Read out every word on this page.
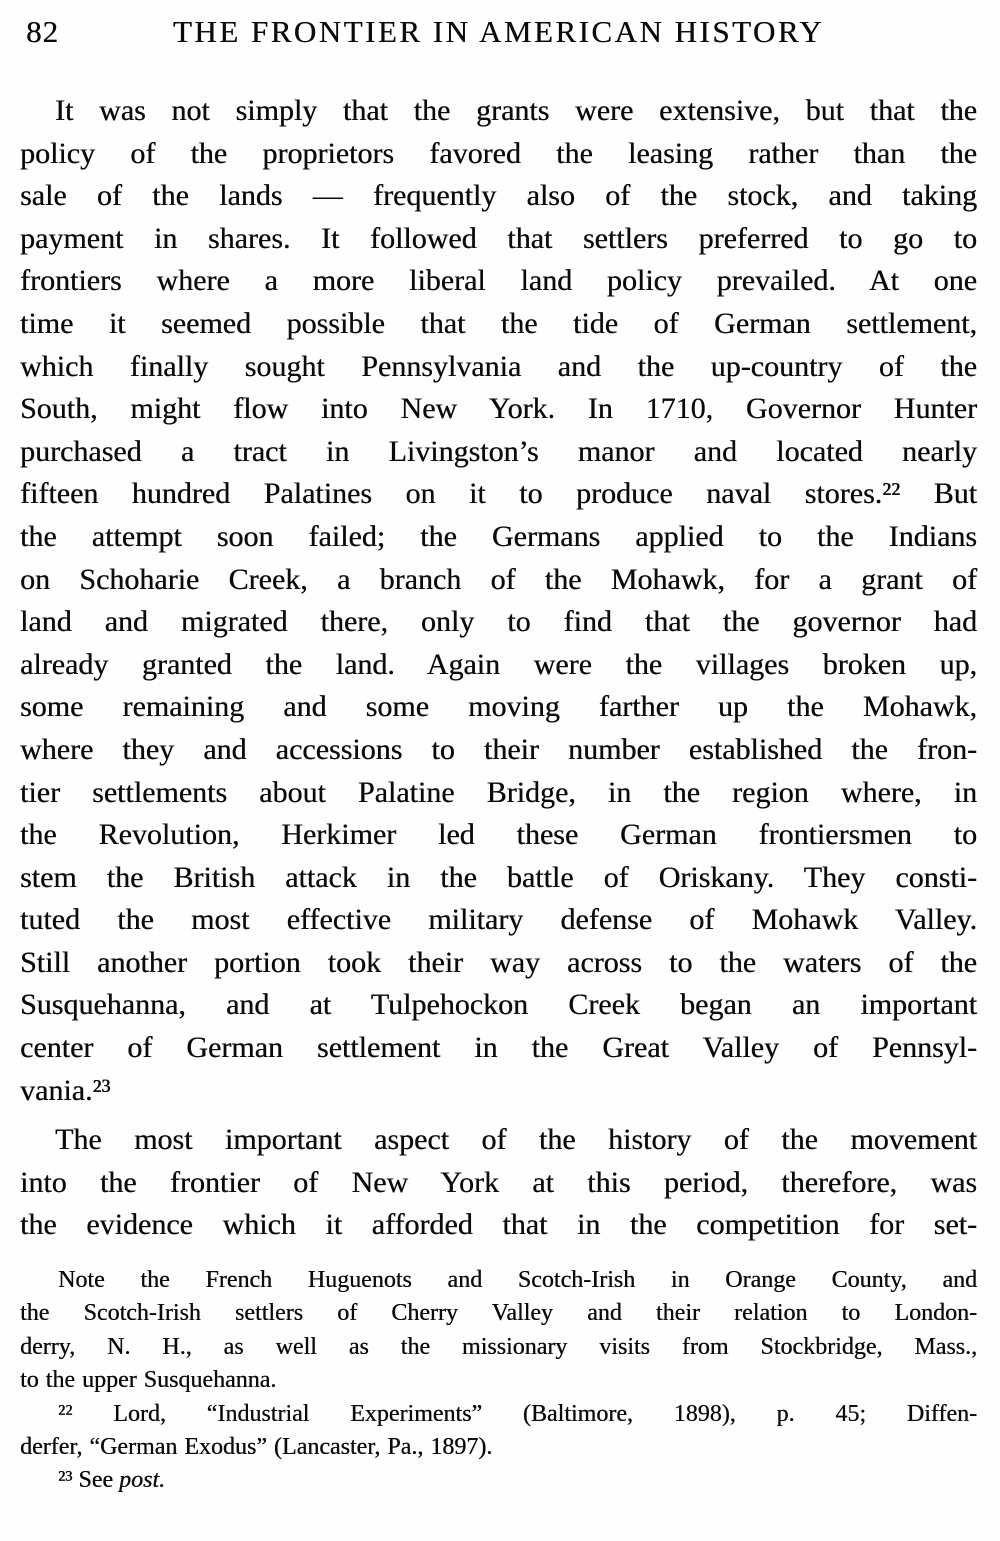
82	THE FRONTIER IN AMERICAN HISTORY
It was not simply that the grants were extensive, but that the
policy of the proprietors favored the leasing rather than the
sale of the lands — frequently also of the stock, and taking
payment in shares. It followed that settlers preferred to go to
frontiers where a more liberal land policy prevailed. At one
time it seemed possible that the tide of German settlement,
which finally sought Pennsylvania and the up-country of the
South, might flow into New York. In 1710, Governor Hunter
purchased a tract in Livingston’s manor and located nearly
fifteen hundred Palatines on it to produce naval stores.²² But
the attempt soon failed; the Germans applied to the Indians
on Schoharie Creek, a branch of the Mohawk, for a grant of
land and migrated there, only to find that the governor had
already granted the land. Again were the villages broken up,
some remaining and some moving farther up the Mohawk,
where they and accessions to their number established the fron-
tier settlements about Palatine Bridge, in the region where, in
the Revolution, Herkimer led these German frontiersmen to
stem the British attack in the battle of Oriskany. They consti-
tuted the most effective military defense of Mohawk Valley.
Still another portion took their way across to the waters of the
Susquehanna, and at Tulpehockon Creek began an important
center of German settlement in the Great Valley of Pennsyl-
vania.²³
The most important aspect of the history of the movement
into the frontier of New York at this period, therefore, was
the evidence which it afforded that in the competition for set-
Note the French Huguenots and Scotch-Irish in Orange County, and
the Scotch-Irish settlers of Cherry Valley and their relation to London-
derry, N. H., as well as the missionary visits from Stockbridge, Mass.,
to the upper Susquehanna.
²² Lord, “Industrial Experiments” (Baltimore, 1898), p. 45; Diffen-
derfer, “German Exodus” (Lancaster, Pa., 1897).
²³ See post.
